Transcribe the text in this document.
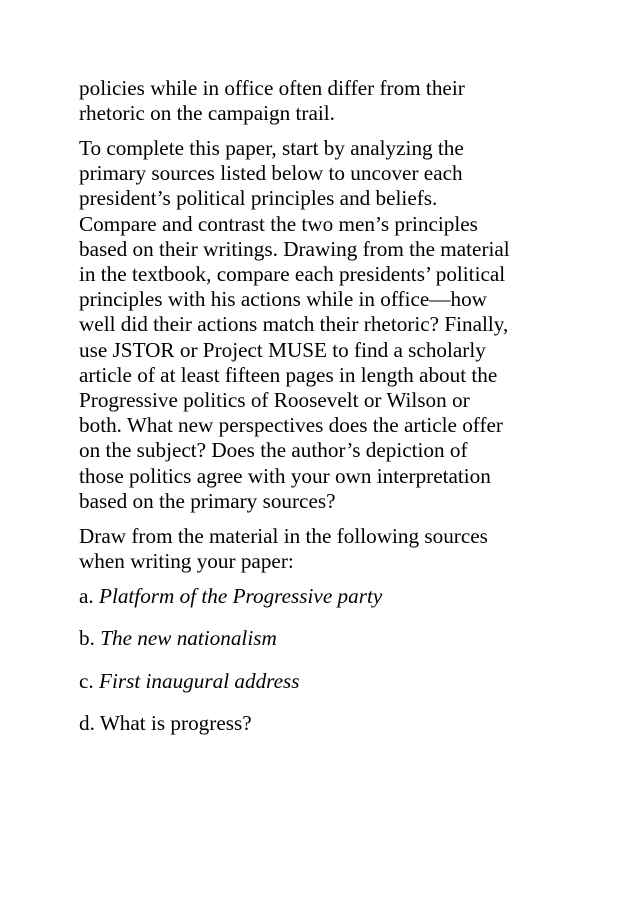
policies while in office often differ from their
rhetoric on the campaign trail.

To complete this paper, start by analyzing the
primary sources listed below to uncover each
president’s political principles and beliefs.
Compare and contrast the two men’s principles
based on their writings. Drawing from the material
in the textbook, compare each presidents’ political
principles with his actions while in office—how
well did their actions match their rhetoric? Finally,
use JSTOR or Project MUSE to find a scholarly
article of at least fifteen pages in length about the
Progressive politics of Roosevelt or Wilson or
both. What new perspectives does the article offer
on the subject? Does the author’s depiction of
those politics agree with your own interpretation
based on the primary sources?

Draw from the material in the following sources
when writing your paper:

a. Platform of the Progressive party

b. The new nationalism

c. First inaugural address

d. What is progress?
